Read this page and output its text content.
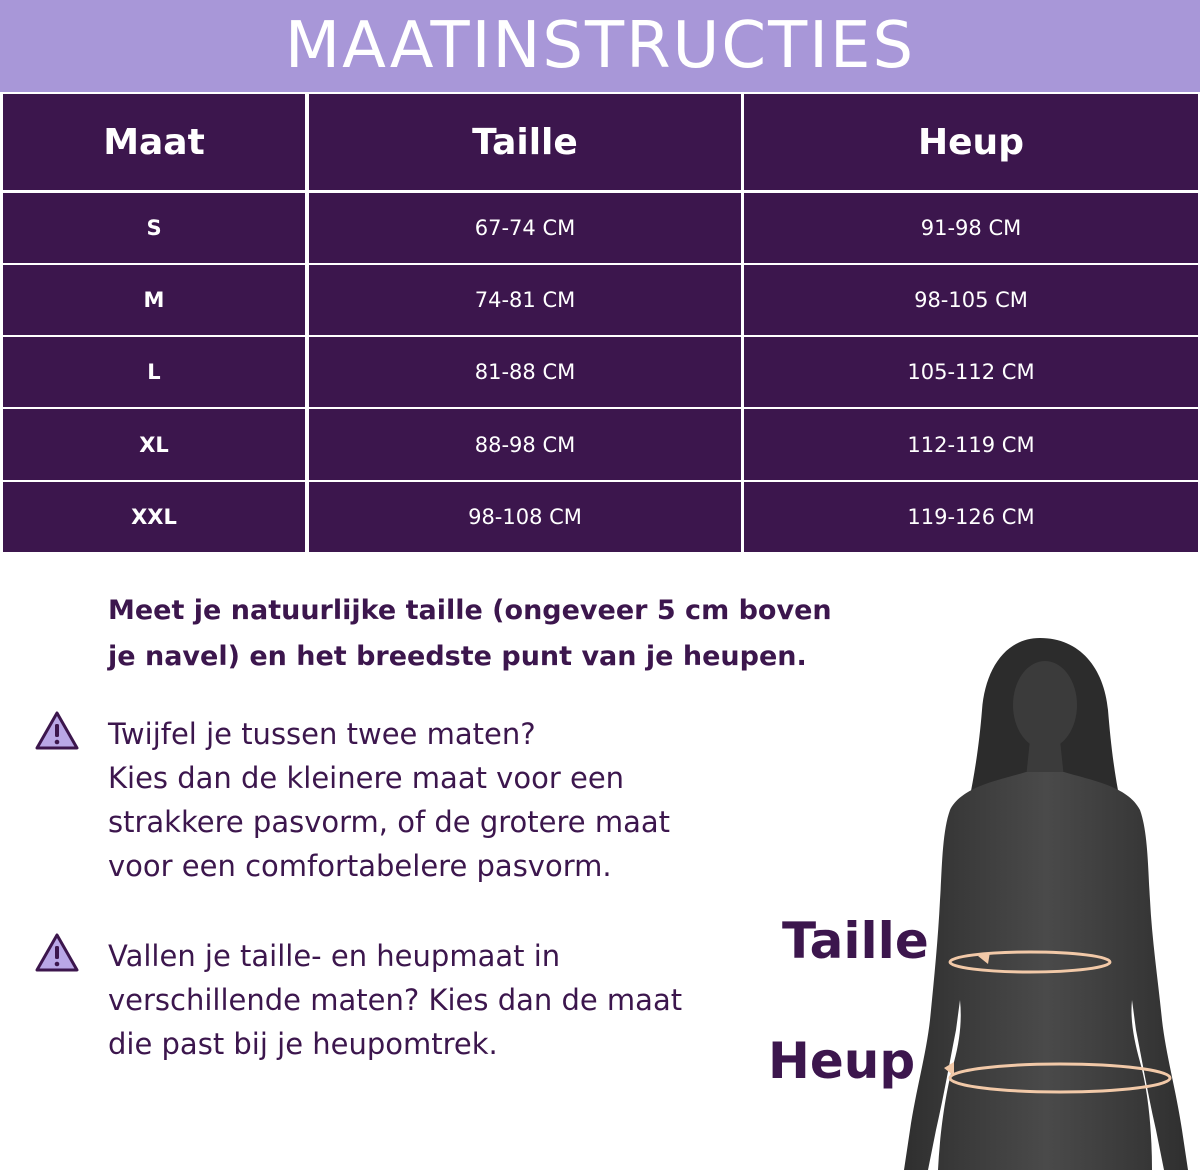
MAATINSTRUCTIES
Maat	Taille	Heup
S	67-74 CM	91-98 CM
M	74-81 CM	98-105 CM
L	81-88 CM	105-112 CM
XL	88-98 CM	112-119 CM
XXL	98-108 CM	119-126 CM
Meet je natuurlijke taille (ongeveer 5 cm boven
je navel) en het breedste punt van je heupen.
Twijfel je tussen twee maten?
Kies dan de kleinere maat voor een
strakkere pasvorm, of de grotere maat
voor een comfortabelere pasvorm.
Vallen je taille- en heupmaat in
verschillende maten? Kies dan de maat
die past bij je heupomtrek.
Taille
Heup
